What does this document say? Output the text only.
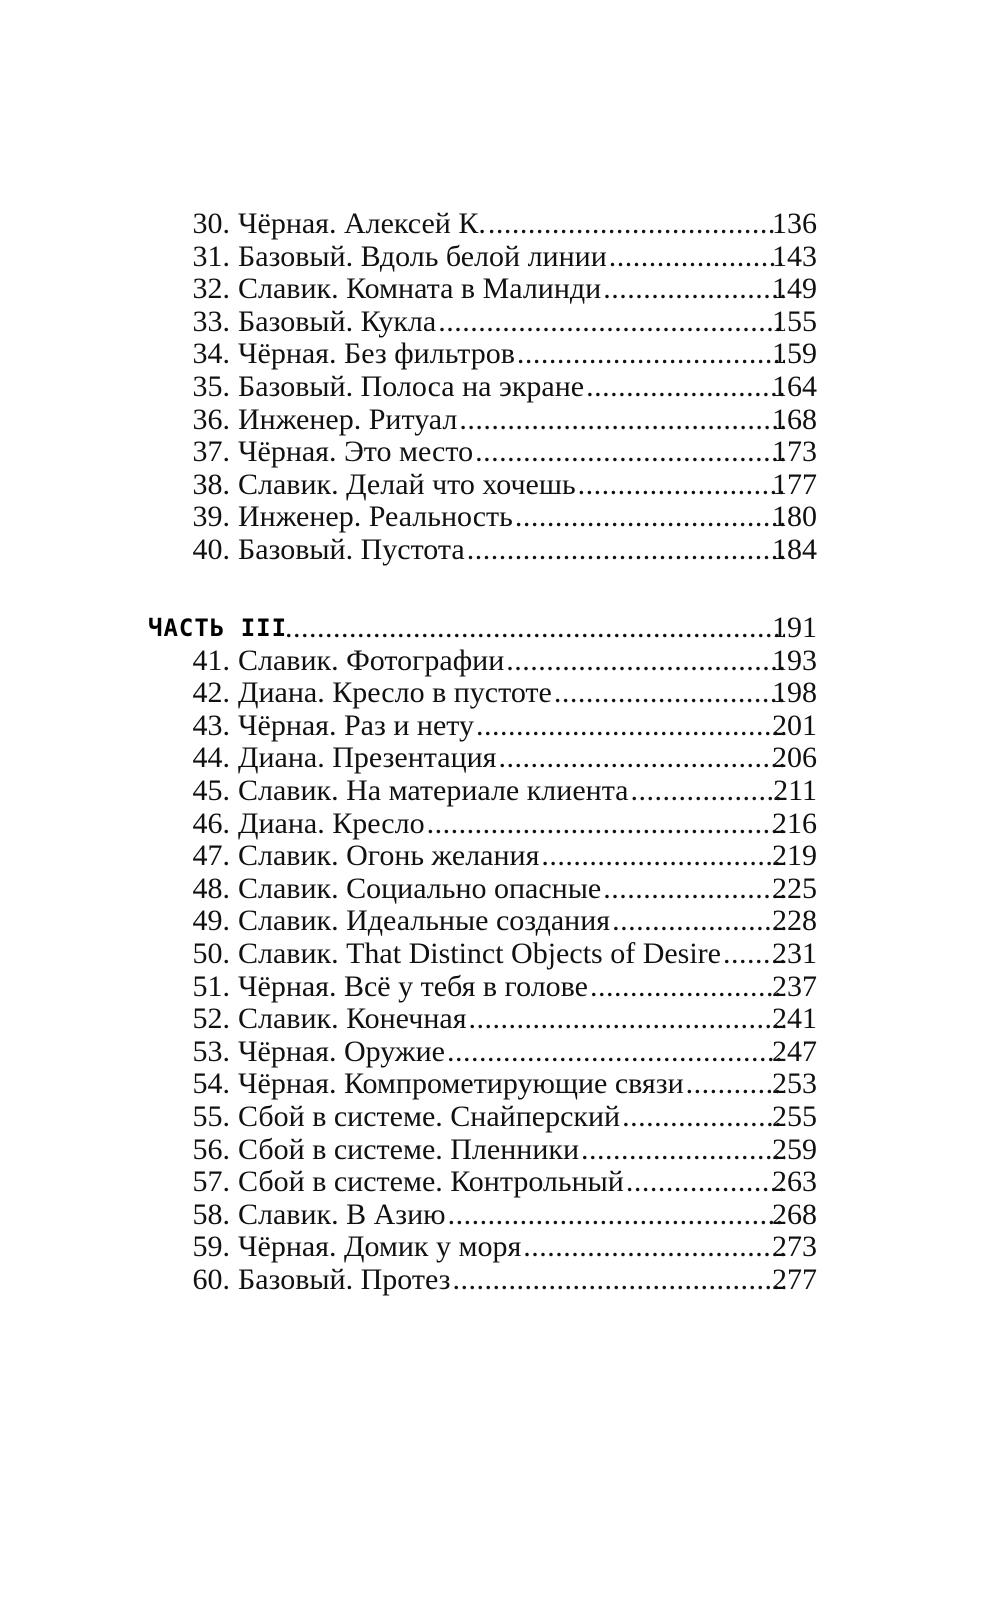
30. Чёрная. Алексей К. .....	136
31. Базовый. Вдоль белой линии .....	143
32. Славик. Комната в Малинди .....	149
33. Базовый. Кукла .....	155
34. Чёрная. Без фильтров .....	159
35. Базовый. Полоса на экране .....	164
36. Инженер. Ритуал .....	168
37. Чёрная. Это место .....	173
38. Славик. Делай что хочешь .....	177
39. Инженер. Реальность .....	180
40. Базовый. Пустота .....	184
ЧАСТЬ III .....	191
41. Славик. Фотографии .....	193
42. Диана. Кресло в пустоте .....	198
43. Чёрная. Раз и нету .....	201
44. Диана. Презентация .....	206
45. Славик. На материале клиента .....	211
46. Диана. Кресло .....	216
47. Славик. Огонь желания .....	219
48. Славик. Социально опасные .....	225
49. Славик. Идеальные создания .....	228
50. Славик. That Distinct Objects of Desire ..... 231
51. Чёрная. Всё у тебя в голове .....	237
52. Славик. Конечная .....	241
53. Чёрная. Оружие .....	247
54. Чёрная. Компрометирующие связи .....	253
55. Сбой в системе. Снайперский .....	255
56. Сбой в системе. Пленники .....	259
57. Сбой в системе. Контрольный .....	263
58. Славик. В Азию .....	268
59. Чёрная. Домик у моря .....	273
60. Базовый. Протез .....	277
